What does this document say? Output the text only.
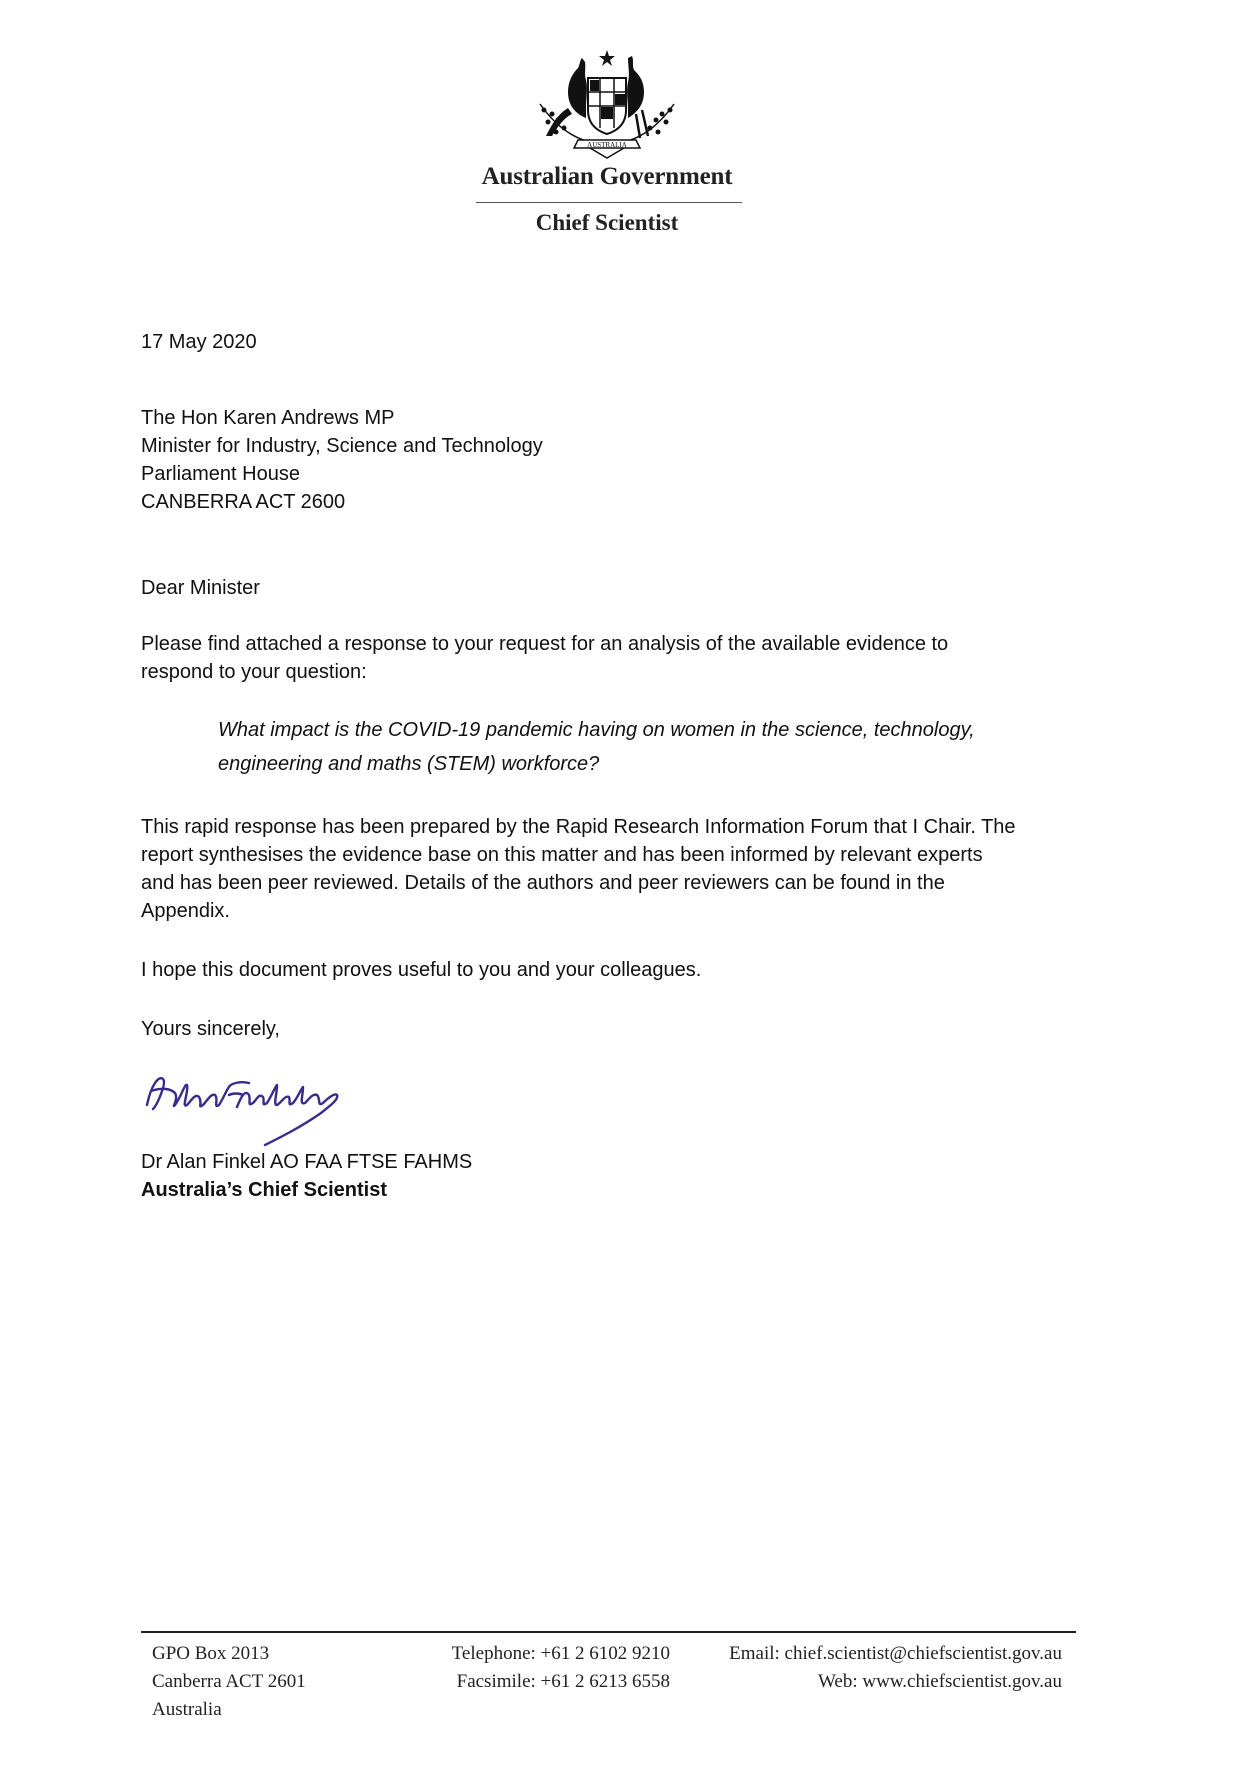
AUSTRALIA
Australian Government
Chief Scientist
17 May 2020
The Hon Karen Andrews MP
Minister for Industry, Science and Technology
Parliament House
CANBERRA ACT 2600
Dear Minister
Please find attached a response to your request for an analysis of the available evidence to
respond to your question:
What impact is the COVID-19 pandemic having on women in the science, technology,
engineering and maths (STEM) workforce?
This rapid response has been prepared by the Rapid Research Information Forum that I Chair. The
report synthesises the evidence base on this matter and has been informed by relevant experts
and has been peer reviewed. Details of the authors and peer reviewers can be found in the
Appendix.
I hope this document proves useful to you and your colleagues.
Yours sincerely,
Dr Alan Finkel AO FAA FTSE FAHMS
Australia’s Chief Scientist
GPO Box 2013
Canberra ACT 2601
Australia
Telephone: +61 2 6102 9210
Facsimile: +61 2 6213 6558
Email: chief.scientist@chiefscientist.gov.au
Web: www.chiefscientist.gov.au
